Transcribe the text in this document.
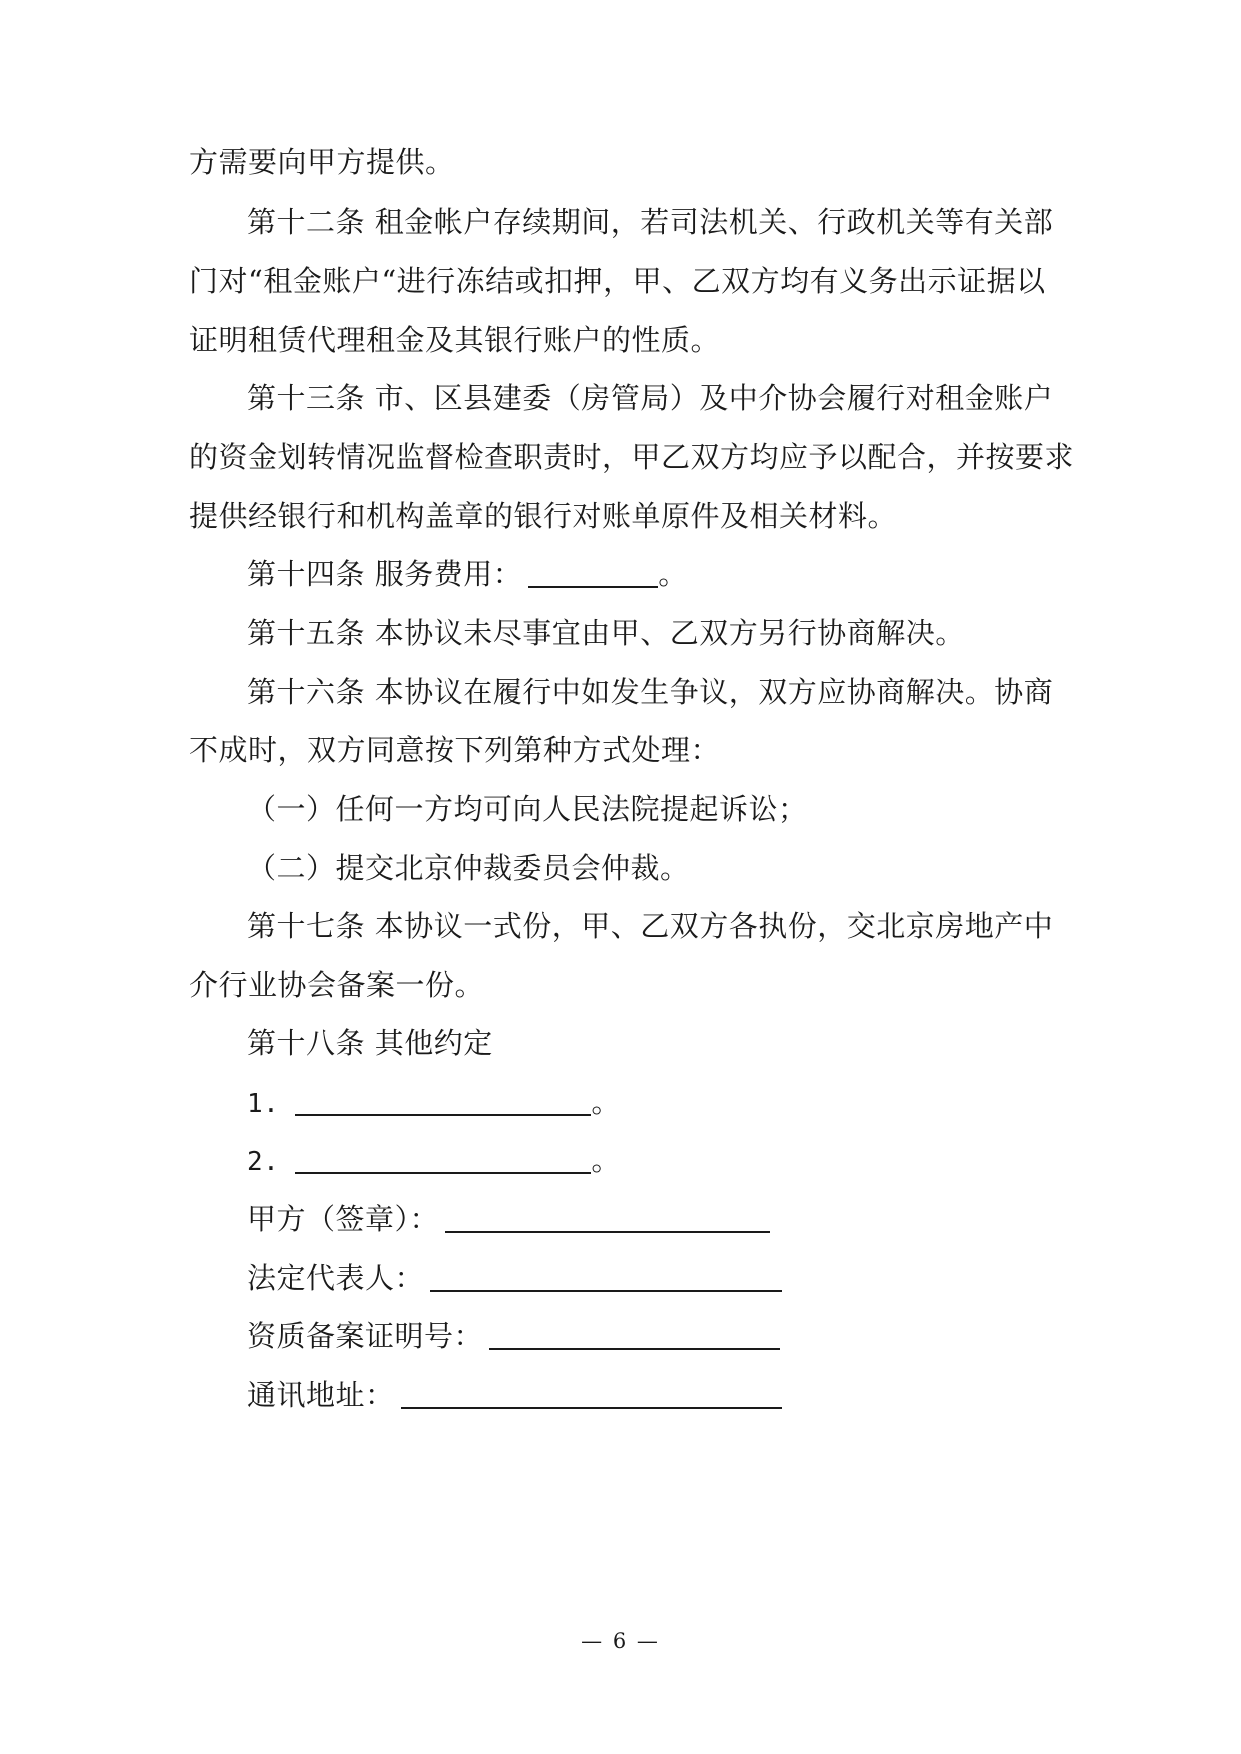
方需要向甲方提供。
第十二条 租金帐户存续期间，若司法机关、行政机关等有关部
门对“租金账户“进行冻结或扣押，甲、乙双方均有义务出示证据以
证明租赁代理租金及其银行账户的性质。
第十三条 市、区县建委（房管局）及中介协会履行对租金账户
的资金划转情况监督检查职责时，甲乙双方均应予以配合，并按要求
提供经银行和机构盖章的银行对账单原件及相关材料。
第十四条 服务费用：	。
第十五条 本协议未尽事宜由甲、乙双方另行协商解决。
第十六条 本协议在履行中如发生争议，双方应协商解决。协商
不成时，双方同意按下列第种方式处理：
（一）任何一方均可向人民法院提起诉讼；
（二）提交北京仲裁委员会仲裁。
第十七条 本协议一式份，甲、乙双方各执份，交北京房地产中
介行业协会备案一份。
第十八条 其他约定
1.	。
2.	。
甲方（签章）：
法定代表人：
资质备案证明号：
通讯地址：
— 6 —
